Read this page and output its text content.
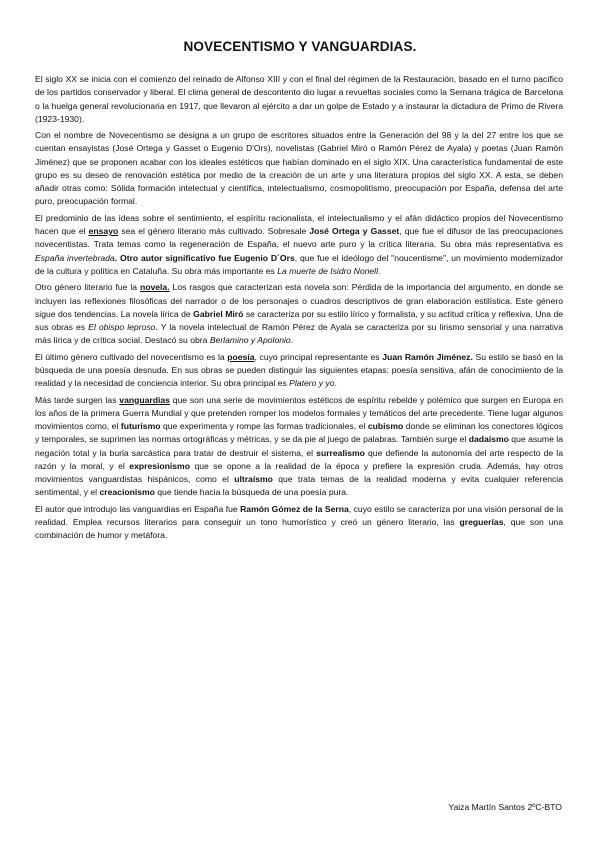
NOVECENTISMO Y VANGUARDIAS.

El siglo XX se inicia con el comienzo del reinado de Alfonso XIII y con el final del régimen de la Restauración, basado en el turno pacífico de los partidos conservador y liberal. El clima general de descontento dio lugar a revueltas sociales como la Semana trágica de Barcelona o la huelga general revolucionaria en 1917, que llevaron al ejército a dar un golpe de Estado y a instaurar la dictadura de Primo de Rivera (1923-1930).

Con el nombre de Novecentismo se designa a un grupo de escritores situados entre la Generación del 98 y la del 27 entre los que se cuentan ensayistas (José Ortega y Gasset o Eugenio D'Ors), novelistas (Gabriel Miró o Ramón Pérez de Ayala) y poetas (Juan Ramón Jiménez) que se proponen acabar con los ideales estéticos que habían dominado en el siglo XIX. Una característica fundamental de este grupo es su deseo de renovación estética por medio de la creación de un arte y una literatura propios del siglo XX. A esta, se deben añadir otras como: Sólida formación intelectual y científica, intelectualismo, cosmopolitismo, preocupación por España, defensa del arte puro, preocupación formal.

El predominio de las ideas sobre el sentimiento, el espíritu racionalista, el intelectualismo y el afán didáctico propios del Novecentismo hacen que el ensayo sea el género literario más cultivado. Sobresale José Ortega y Gasset, que fue el difusor de las preocupaciones novecentistas. Trata temas como la regeneración de España, el nuevo arte puro y la crítica literaria. Su obra más representativa es España invertebrada. Otro autor significativo fue Eugenio D´Ors, que fue el ideólogo del "noucentisme", un movimiento modernizador de la cultura y política en Cataluña. Su obra más importante es La muerte de Isidro Nonell.

Otro género literario fue la novela. Los rasgos que caracterizan esta novela son: Pérdida de la importancia del argumento, en donde se incluyen las reflexiones filosóficas del narrador o de los personajes o cuadros descriptivos de gran elaboración estilística. Este género sigue dos tendencias. La novela lírica de Gabriel Miró se caracteriza por su estilo lírico y formalista, y su actitud crítica y reflexiva. Una de sus obras es El obispo leproso. Y la novela intelectual de Ramón Pérez de Ayala se caracteriza por su lirismo sensorial y una narrativa más lírica y de crítica social. Destacó su obra Berlamino y Apolonio.

El último género cultivado del novecentismo es la poesía, cuyo principal representante es Juan Ramón Jiménez. Su estilo se basó en la búsqueda de una poesía desnuda. En sus obras se pueden distinguir las siguientes etapas: poesía sensitiva, afán de conocimiento de la realidad y la necesidad de conciencia interior. Su obra principal es Platero y yo.

Más tarde surgen las vanguardias que son una serie de movimientos estéticos de espíritu rebelde y polémico que surgen en Europa en los años de la primera Guerra Mundial y que pretenden romper los modelos formales y temáticos del arte precedente. Tiene lugar algunos movimientos como, el futurismo que experimenta y rompe las formas tradicionales, el cubismo donde se eliminan los conectores lógicos y temporales, se suprimen las normas ortográficas y métricas, y se da pie al juego de palabras. También surge el dadaísmo que asume la negación total y la burla sarcástica para tratar de destruir el sistema, el surrealismo que defiende la autonomía del arte respecto de la razón y la moral, y el expresionismo que se opone a la realidad de la época y prefiere la expresión cruda. Además, hay otros movimientos vanguardistas hispánicos, como el ultraísmo que trata temas de la realidad moderna y evita cualquier referencia sentimental, y el creacionismo que tiende hacia la búsqueda de una poesía pura.

El autor que introdujo las vanguardias en España fue Ramón Gómez de la Serna, cuyo estilo se caracteriza por una visión personal de la realidad. Emplea recursos literarios para conseguir un tono humorístico y creó un género literario, las greguerías, que son una combinación de humor y metáfora.

Yaiza Martín Santos 2ºC-BTO
